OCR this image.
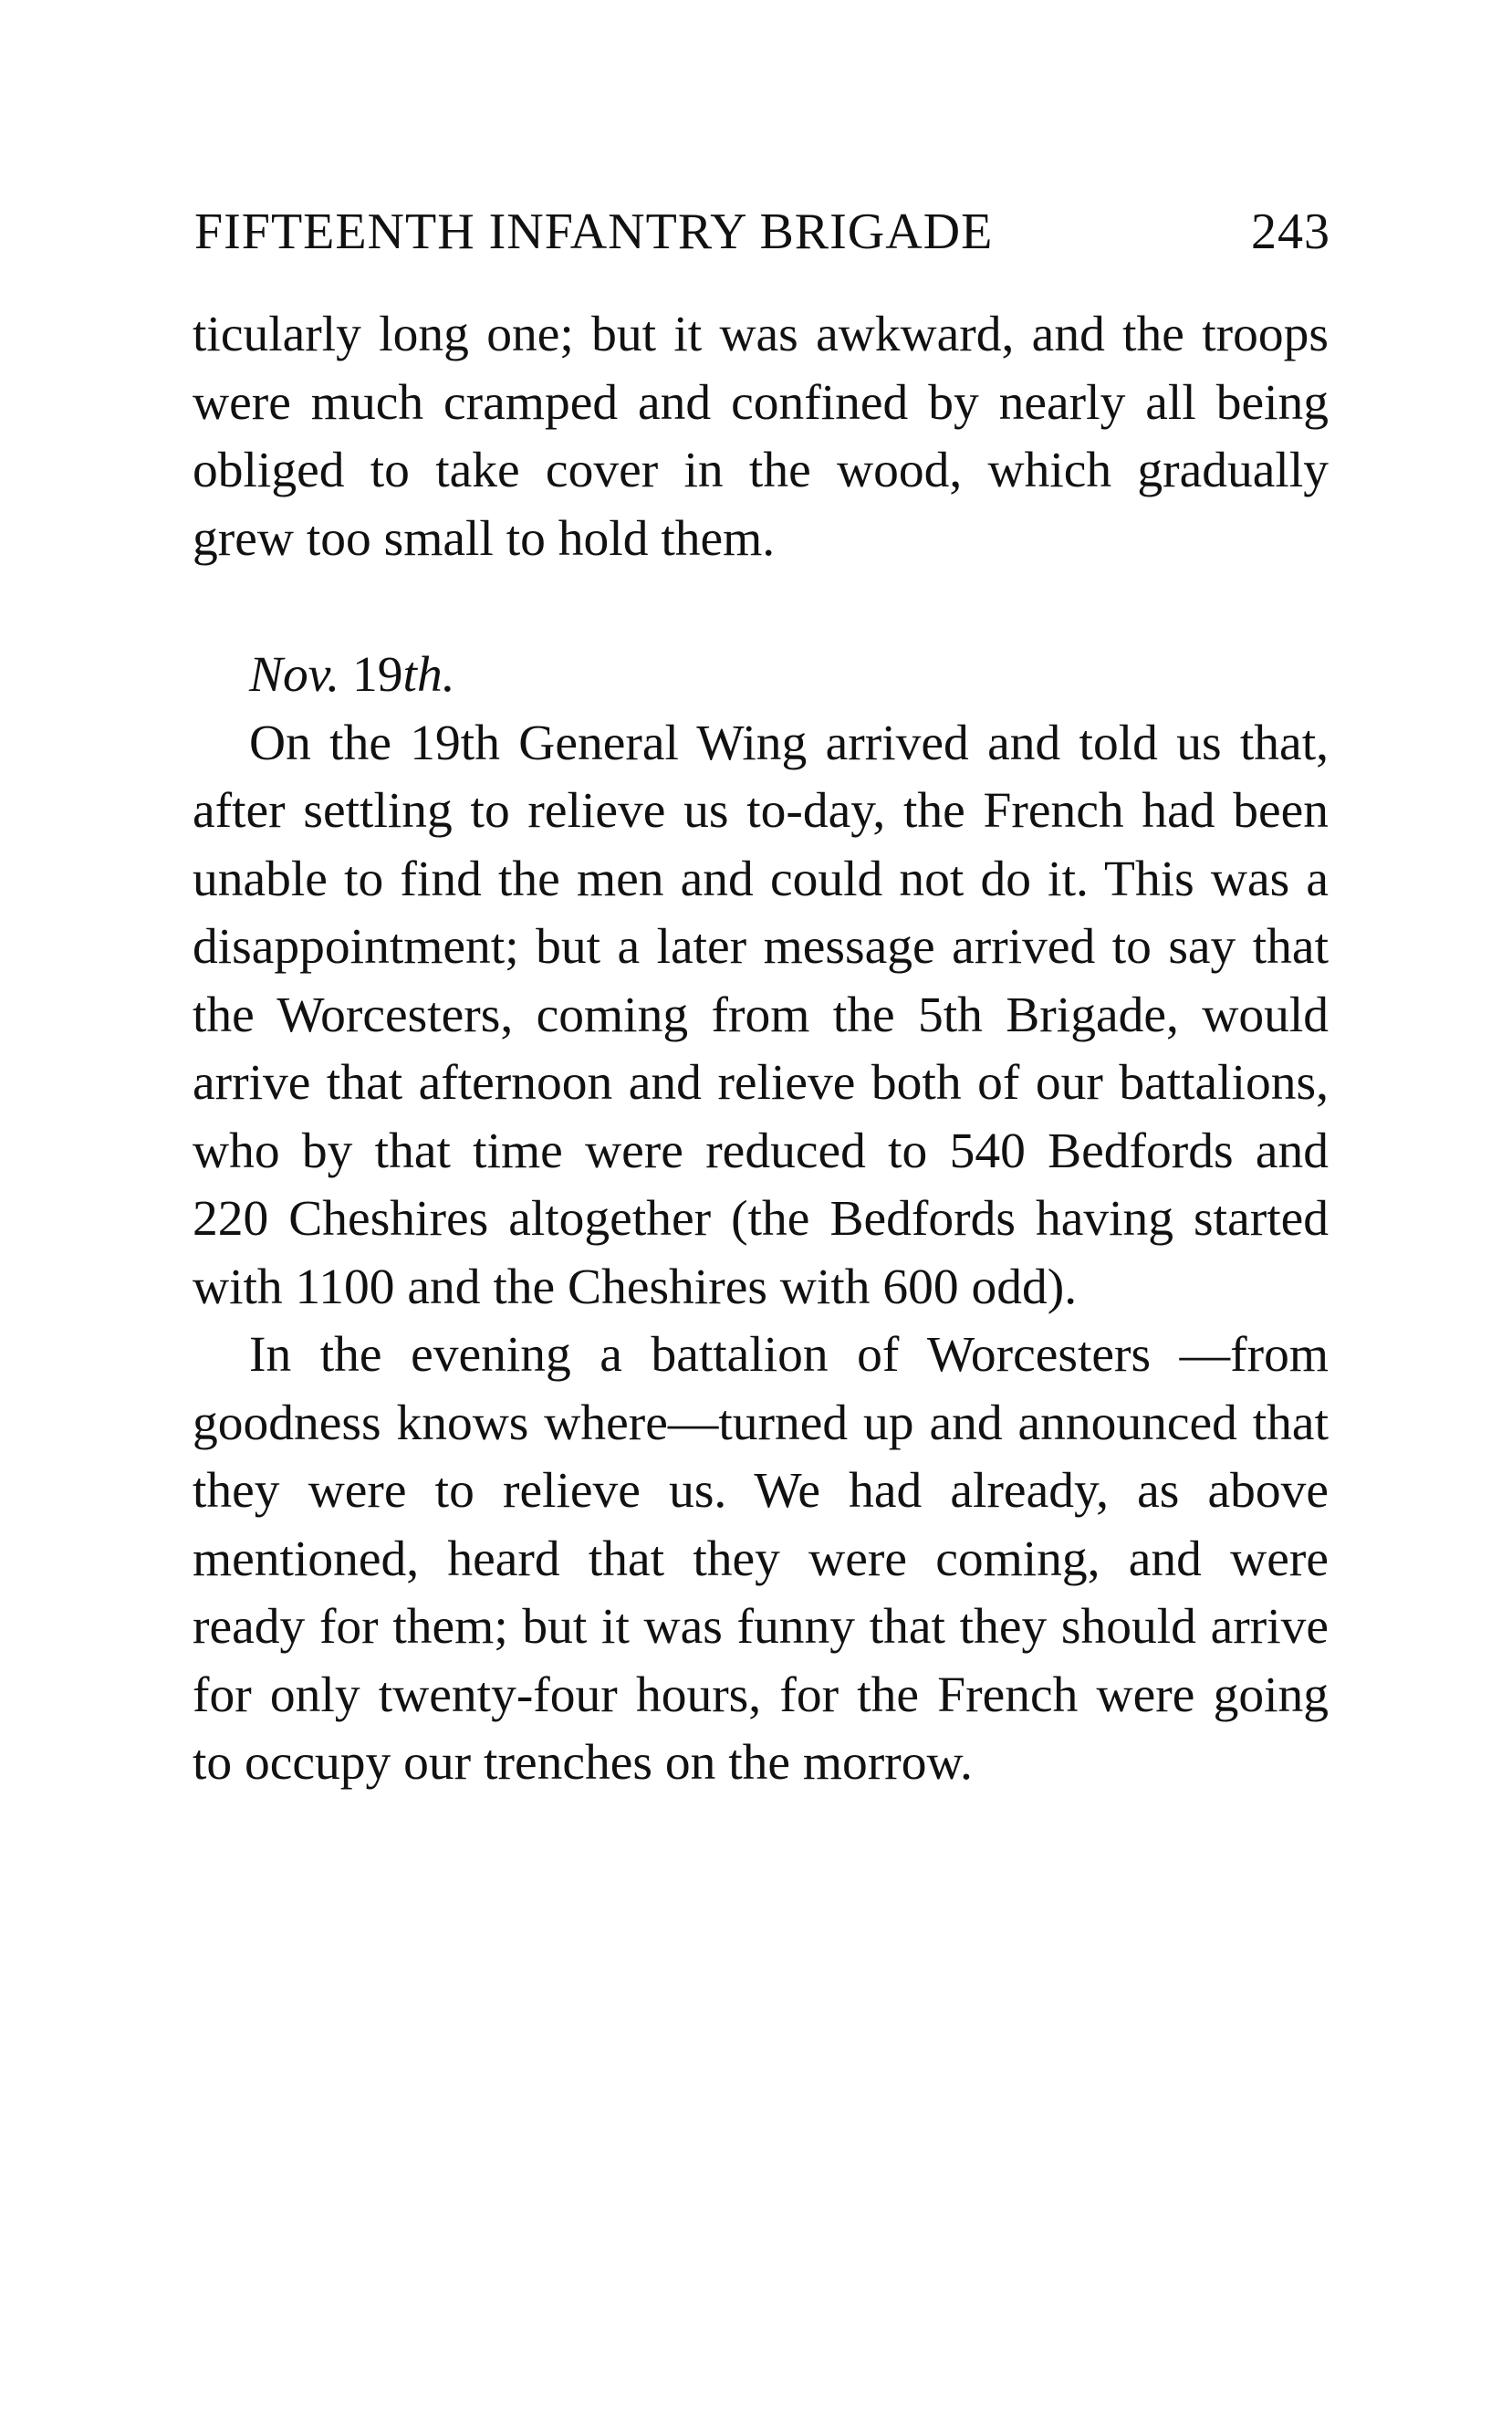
FIFTEENTH INFANTRY BRIGADE	243

ticularly long one; but it was awkward, and the troops were much cramped and confined by nearly all being obliged to take cover in the wood, which gradually grew too small to hold them.

Nov. 19th.

On the 19th General Wing arrived and told us that, after settling to relieve us to-day, the French had been unable to find the men and could not do it. This was a disappointment; but a later message arrived to say that the Worcesters, coming from the 5th Brigade, would arrive that afternoon and relieve both of our battalions, who by that time were reduced to 540 Bedfords and 220 Cheshires altogether (the Bedfords having started with 1100 and the Cheshires with 600 odd).

In the evening a battalion of Worcesters —from goodness knows where—turned up and announced that they were to relieve us. We had already, as above mentioned, heard that they were coming, and were ready for them; but it was funny that they should arrive for only twenty-four hours, for the French were going to occupy our trenches on the morrow.
